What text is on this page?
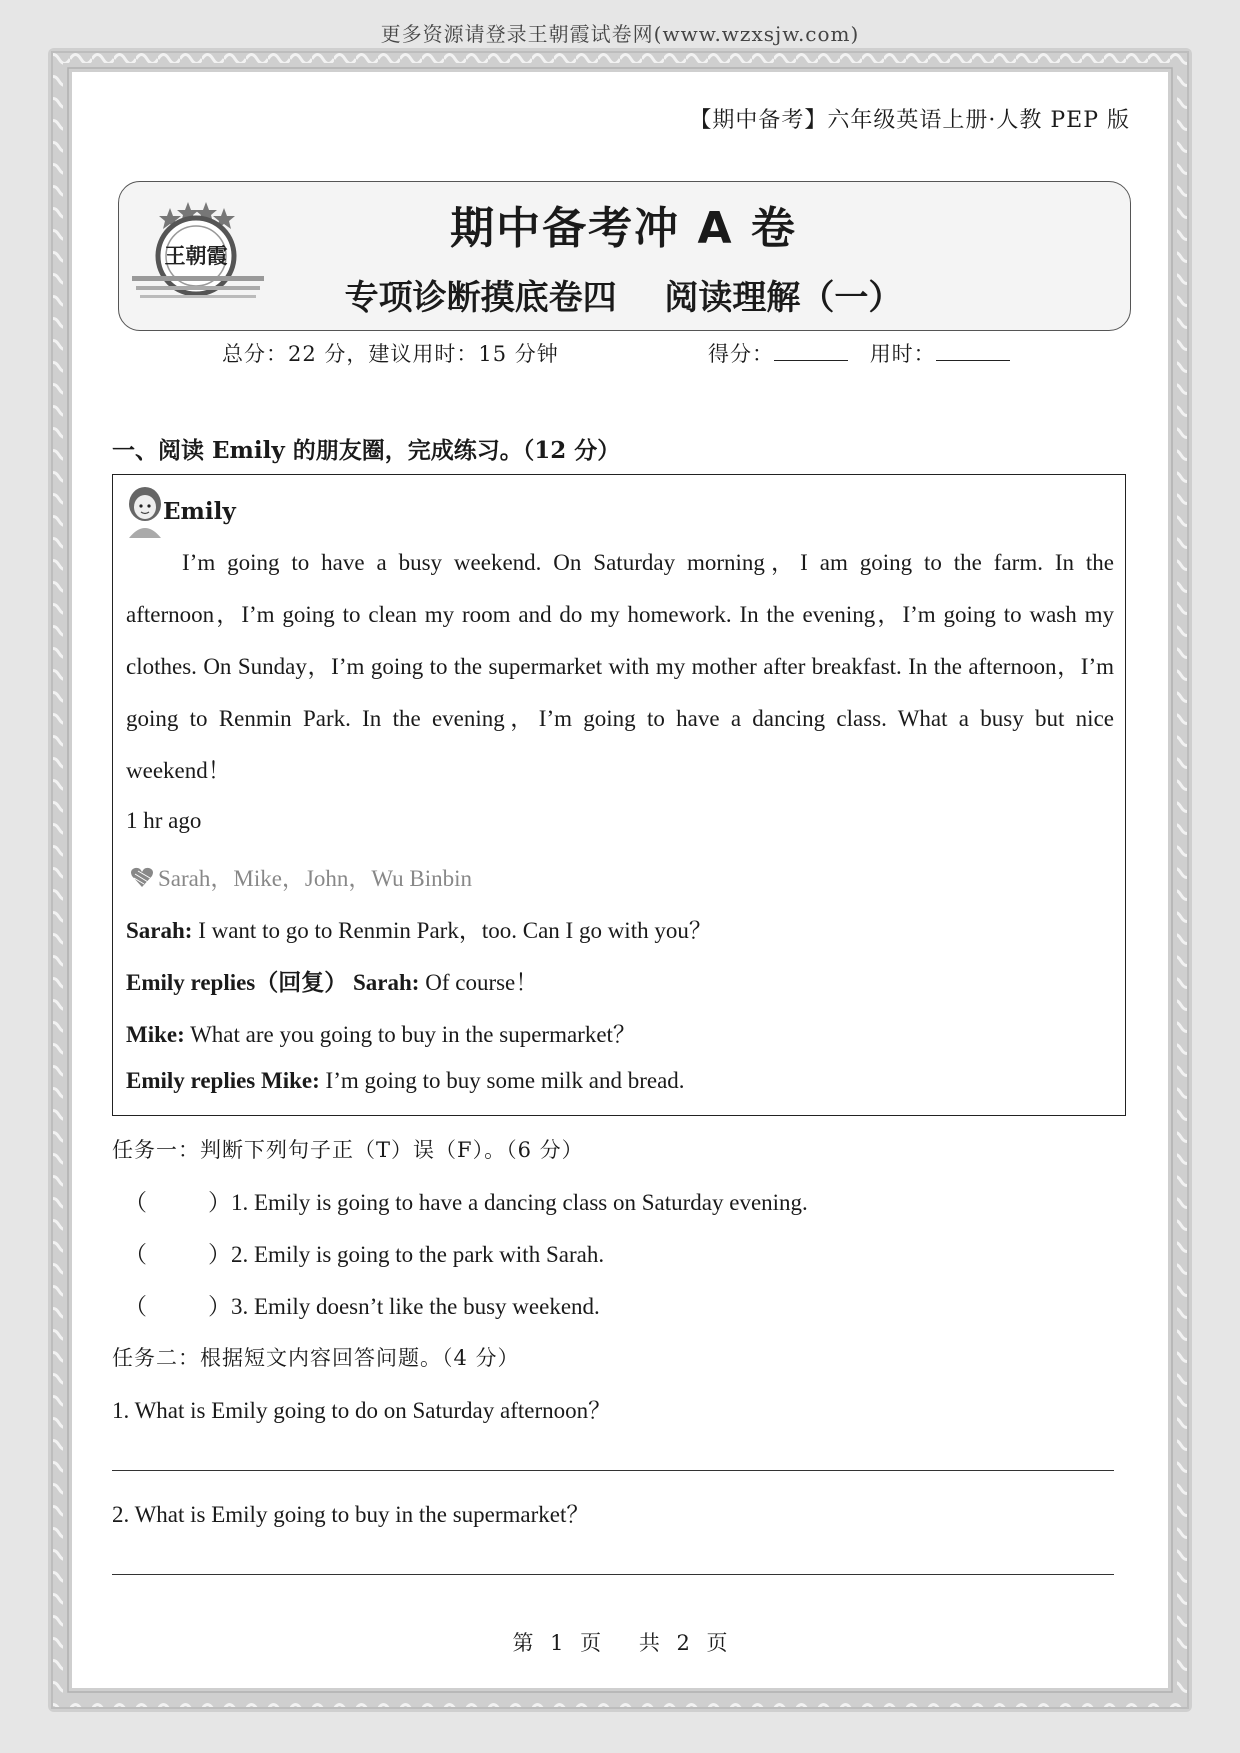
更多资源请登录王朝霞试卷网(www.wzxsjw.com)
【期中备考】六年级英语上册·人教 PEP 版
王朝霞
期中备考冲 A 卷
专项诊断摸底卷四 阅读理解（一）
总分：22 分，建议用时：15 分钟	得分：	用时：
一、阅读 Emily 的朋友圈，完成练习。（12 分）
Emily
I’m going to have a busy weekend. On Saturday morning，I am going to the farm. In the afternoon，I’m going to clean my room and do my homework. In the evening，I’m going to wash my clothes. On Sunday，I’m going to the supermarket with my mother after breakfast. In the afternoon，I’m going to Renmin Park. In the evening，I’m going to have a dancing class. What a busy but nice weekend！
1 hr ago
Sarah，Mike，John，Wu Binbin
Sarah: I want to go to Renmin Park，too. Can I go with you？
Emily replies（回复） Sarah: Of course！
Mike: What are you going to buy in the supermarket？
Emily replies Mike: I’m going to buy some milk and bread.
任务一：判断下列句子正（T）误（F）。（6 分）
（	）1. Emily is going to have a dancing class on Saturday evening.
（	）2. Emily is going to the park with Sarah.
（	）3. Emily doesn’t like the busy weekend.
任务二：根据短文内容回答问题。（4 分）
1. What is Emily going to do on Saturday afternoon？
2. What is Emily going to buy in the supermarket？
第 1 页　 共 2 页
